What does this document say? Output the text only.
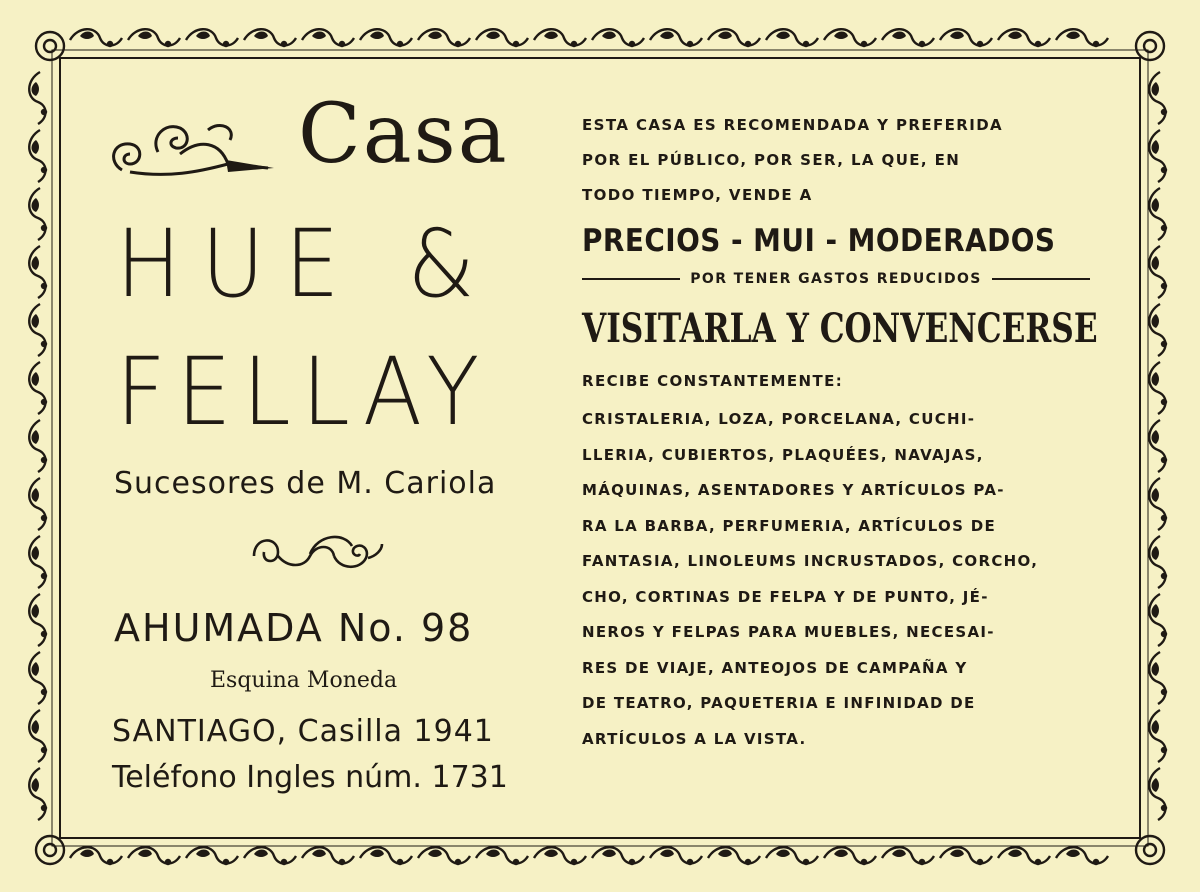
Casa
HUE &
FELLAY
Sucesores de M. Cariola
AHUMADA No. 98
Esquina Moneda
SANTIAGO, Casilla 1941
Teléfono Ingles núm. 1731

ESTA CASA ES RECOMENDADA Y PREFERIDA
POR EL PÚBLICO, POR SER, LA QUE, EN
TODO TIEMPO, VENDE A

PRECIOS - MUI - MODERADOS
POR TENER GASTOS REDUCIDOS
VISITARLA Y CONVENCERSE
RECIBE CONSTANTEMENTE:
CRISTALERIA, LOZA, PORCELANA, CUCHI-
LLERIA, CUBIERTOS, PLAQUÉES, NAVAJAS,
MÁQUINAS, ASENTADORES Y ARTÍCULOS PA-
RA LA BARBA, PERFUMERIA, ARTÍCULOS DE
FANTASIA, LINOLEUMS INCRUSTADOS, CORCHO,
CHO, CORTINAS DE FELPA Y DE PUNTO, JÉ-
NEROS Y FELPAS PARA MUEBLES, NECESAI-
RES DE VIAJE, ANTEOJOS DE CAMPAÑA Y
DE TEATRO, PAQUETERIA E INFINIDAD DE
ARTÍCULOS A LA VISTA.
